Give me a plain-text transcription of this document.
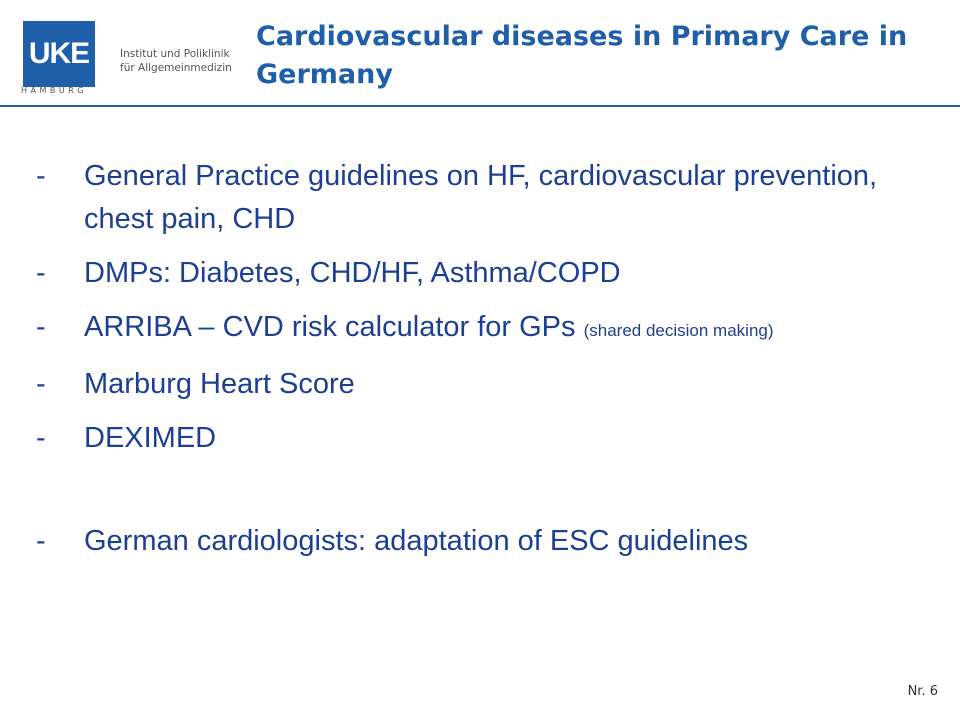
UKE
HAMBURG
Institut und Poliklinik
für Allgemeinmedizin
Cardiovascular diseases in Primary Care in Germany
-	General Practice guidelines on HF, cardiovascular prevention, chest pain, CHD
-	DMPs: Diabetes, CHD/HF, Asthma/COPD
-	ARRIBA – CVD risk calculator for GPs (shared decision making)
-	Marburg Heart Score
-	DEXIMED
-	German cardiologists: adaptation of ESC guidelines
Nr. 6
